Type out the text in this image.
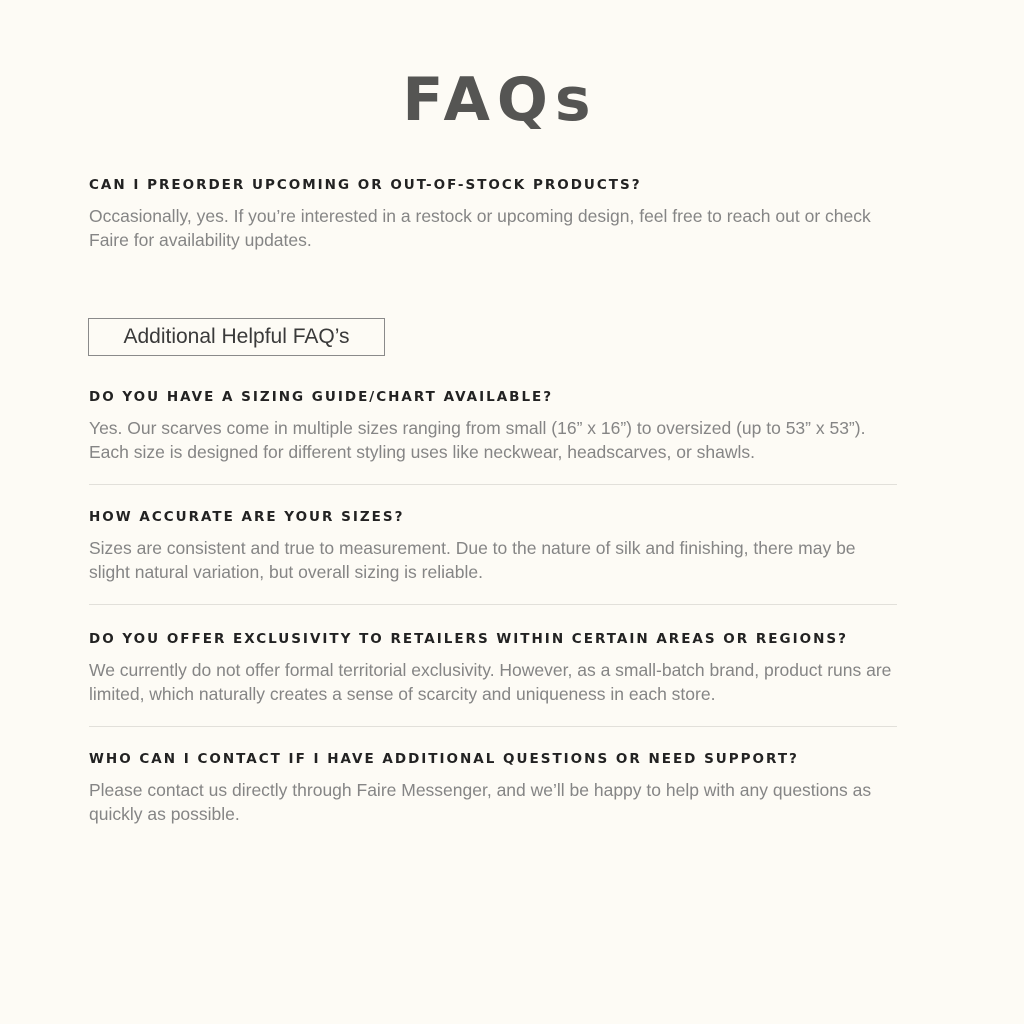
FAQs
CAN I PREORDER UPCOMING OR OUT-OF-STOCK PRODUCTS?
Occasionally, yes. If you’re interested in a restock or upcoming design, feel free to reach out or check Faire for availability updates.
Additional Helpful FAQ’s
DO YOU HAVE A SIZING GUIDE/CHART AVAILABLE?
Yes. Our scarves come in multiple sizes ranging from small (16” x 16”) to oversized (up to 53” x 53”). Each size is designed for different styling uses like neckwear, headscarves, or shawls.
HOW ACCURATE ARE YOUR SIZES?
Sizes are consistent and true to measurement. Due to the nature of silk and finishing, there may be slight natural variation, but overall sizing is reliable.
DO YOU OFFER EXCLUSIVITY TO RETAILERS WITHIN CERTAIN AREAS OR REGIONS?
We currently do not offer formal territorial exclusivity. However, as a small-batch brand, product runs are limited, which naturally creates a sense of scarcity and uniqueness in each store.
WHO CAN I CONTACT IF I HAVE ADDITIONAL QUESTIONS OR NEED SUPPORT?
Please contact us directly through Faire Messenger, and we’ll be happy to help with any questions as quickly as possible.
